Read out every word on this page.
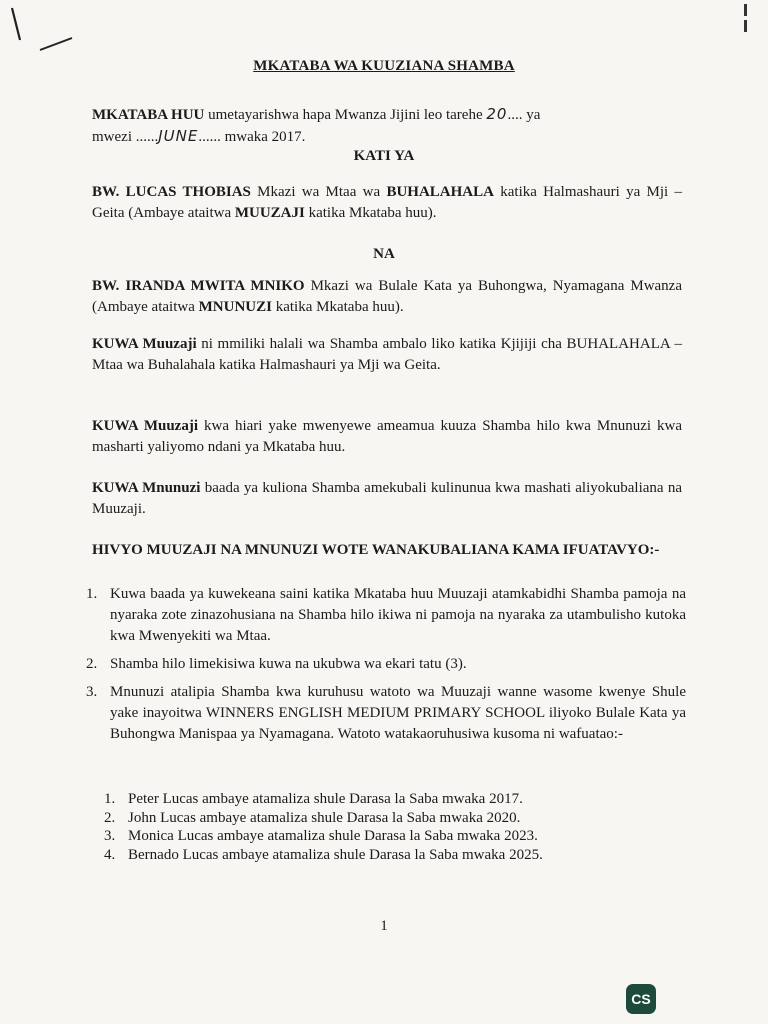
MKATABA WA KUUZIANA SHAMBA
MKATABA HUU umetayarishwa hapa Mwanza Jijini leo tarehe 20.... ya
mwezi ......JUNE...... mwaka 2017.
KATI YA
BW. LUCAS THOBIAS Mkazi wa Mtaa wa BUHALAHALA katika Halmashauri ya Mji – Geita (Ambaye ataitwa MUUZAJI katika Mkataba huu).
NA
BW. IRANDA MWITA MNIKO Mkazi wa Bulale Kata ya Buhongwa, Nyamagana Mwanza (Ambaye ataitwa MNUNUZI katika Mkataba huu).
KUWA Muuzaji ni mmiliki halali wa Shamba ambalo liko katika Kjijiji cha BUHALAHALA – Mtaa wa Buhalahala katika Halmashauri ya Mji wa Geita.
KUWA Muuzaji kwa hiari yake mwenyewe ameamua kuuza Shamba hilo kwa Mnunuzi kwa masharti yaliyomo ndani ya Mkataba huu.
KUWA Mnunuzi baada ya kuliona Shamba amekubali kulinunua kwa mashati aliyokubaliana na Muuzaji.
HIVYO MUUZAJI NA MNUNUZI WOTE WANAKUBALIANA KAMA IFUATAVYO:-
1. Kuwa baada ya kuwekeana saini katika Mkataba huu Muuzaji atamkabidhi Shamba pamoja na nyaraka zote zinazohusiana na Shamba hilo ikiwa ni pamoja na nyaraka za utambulisho kutoka kwa Mwenyekiti wa Mtaa.
2. Shamba hilo limekisiwa kuwa na ukubwa wa ekari tatu (3).
3. Mnunuzi atalipia Shamba kwa kuruhusu watoto wa Muuzaji wanne wasome kwenye Shule yake inayoitwa WINNERS ENGLISH MEDIUM PRIMARY SCHOOL iliyoko Bulale Kata ya Buhongwa Manispaa ya Nyamagana. Watoto watakaoruhusiwa kusoma ni wafuatao:-
1. Peter Lucas ambaye atamaliza shule Darasa la Saba mwaka 2017.
2. John Lucas ambaye atamaliza shule Darasa la Saba mwaka 2020.
3. Monica Lucas ambaye atamaliza shule Darasa la Saba mwaka 2023.
4. Bernado Lucas ambaye atamaliza shule Darasa la Saba mwaka 2025.
1
CS
